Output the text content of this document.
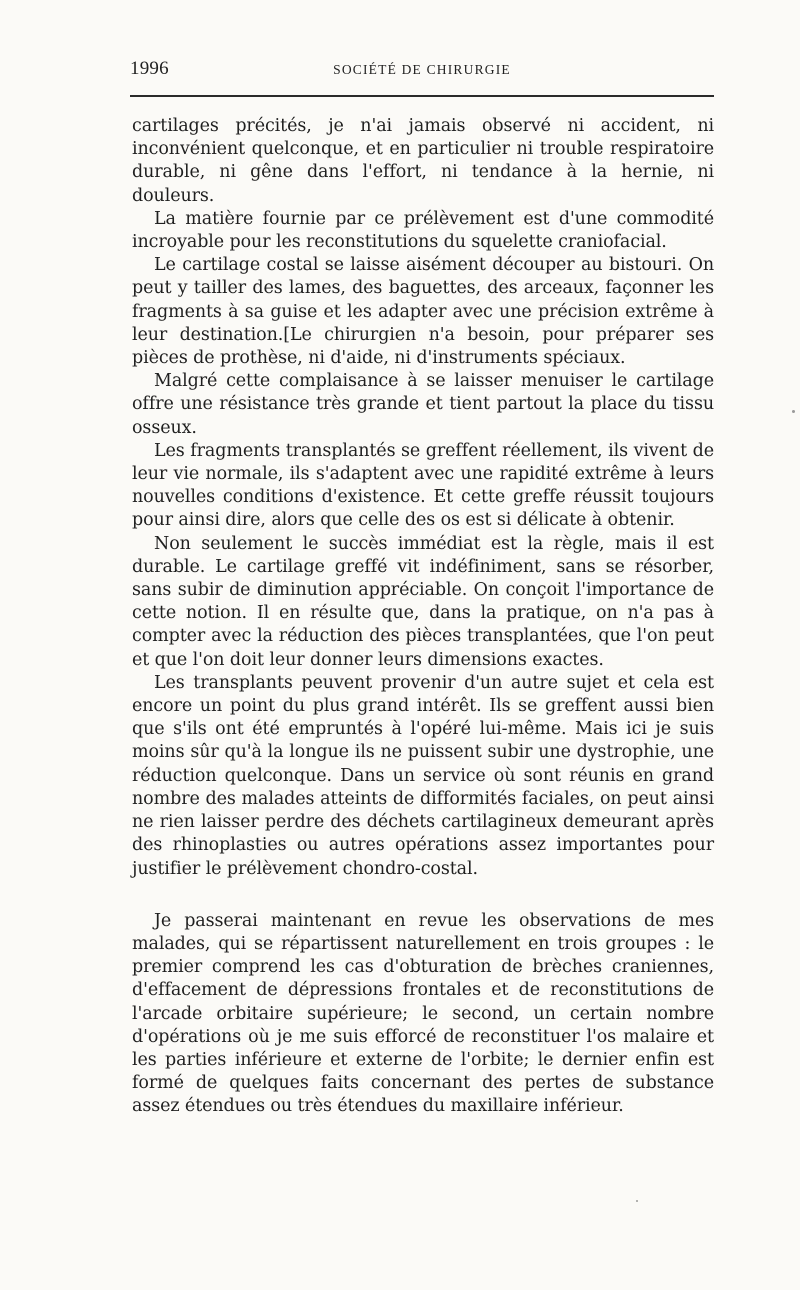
1996	SOCIÉTÉ DE CHIRURGIE

cartilages précités, je n'ai jamais observé ni accident, ni inconvénient quelconque, et en particulier ni trouble respiratoire durable, ni gêne dans l'effort, ni tendance à la hernie, ni douleurs.

La matière fournie par ce prélèvement est d'une commodité incroyable pour les reconstitutions du squelette craniofacial.

Le cartilage costal se laisse aisément découper au bistouri. On peut y tailler des lames, des baguettes, des arceaux, façonner les fragments à sa guise et les adapter avec une précision extrême à leur destination.[Le chirurgien n'a besoin, pour préparer ses pièces de prothèse, ni d'aide, ni d'instruments spéciaux.

Malgré cette complaisance à se laisser menuiser le cartilage offre une résistance très grande et tient partout la place du tissu osseux.

Les fragments transplantés se greffent réellement, ils vivent de leur vie normale, ils s'adaptent avec une rapidité extrême à leurs nouvelles conditions d'existence. Et cette greffe réussit toujours pour ainsi dire, alors que celle des os est si délicate à obtenir.

Non seulement le succès immédiat est la règle, mais il est durable. Le cartilage greffé vit indéfiniment, sans se résorber, sans subir de diminution appréciable. On conçoit l'importance de cette notion. Il en résulte que, dans la pratique, on n'a pas à compter avec la réduction des pièces transplantées, que l'on peut et que l'on doit leur donner leurs dimensions exactes.

Les transplants peuvent provenir d'un autre sujet et cela est encore un point du plus grand intérêt. Ils se greffent aussi bien que s'ils ont été empruntés à l'opéré lui-même. Mais ici je suis moins sûr qu'à la longue ils ne puissent subir une dystrophie, une réduction quelconque. Dans un service où sont réunis en grand nombre des malades atteints de difformités faciales, on peut ainsi ne rien laisser perdre des déchets cartilagineux demeurant après des rhinoplasties ou autres opérations assez importantes pour justifier le prélèvement chondro-costal.

Je passerai maintenant en revue les observations de mes malades, qui se répartissent naturellement en trois groupes : le premier comprend les cas d'obturation de brèches craniennes, d'effacement de dépressions frontales et de reconstitutions de l'arcade orbitaire supérieure; le second, un certain nombre d'opérations où je me suis efforcé de reconstituer l'os malaire et les parties inférieure et externe de l'orbite; le dernier enfin est formé de quelques faits concernant des pertes de substance assez étendues ou très étendues du maxillaire inférieur.
